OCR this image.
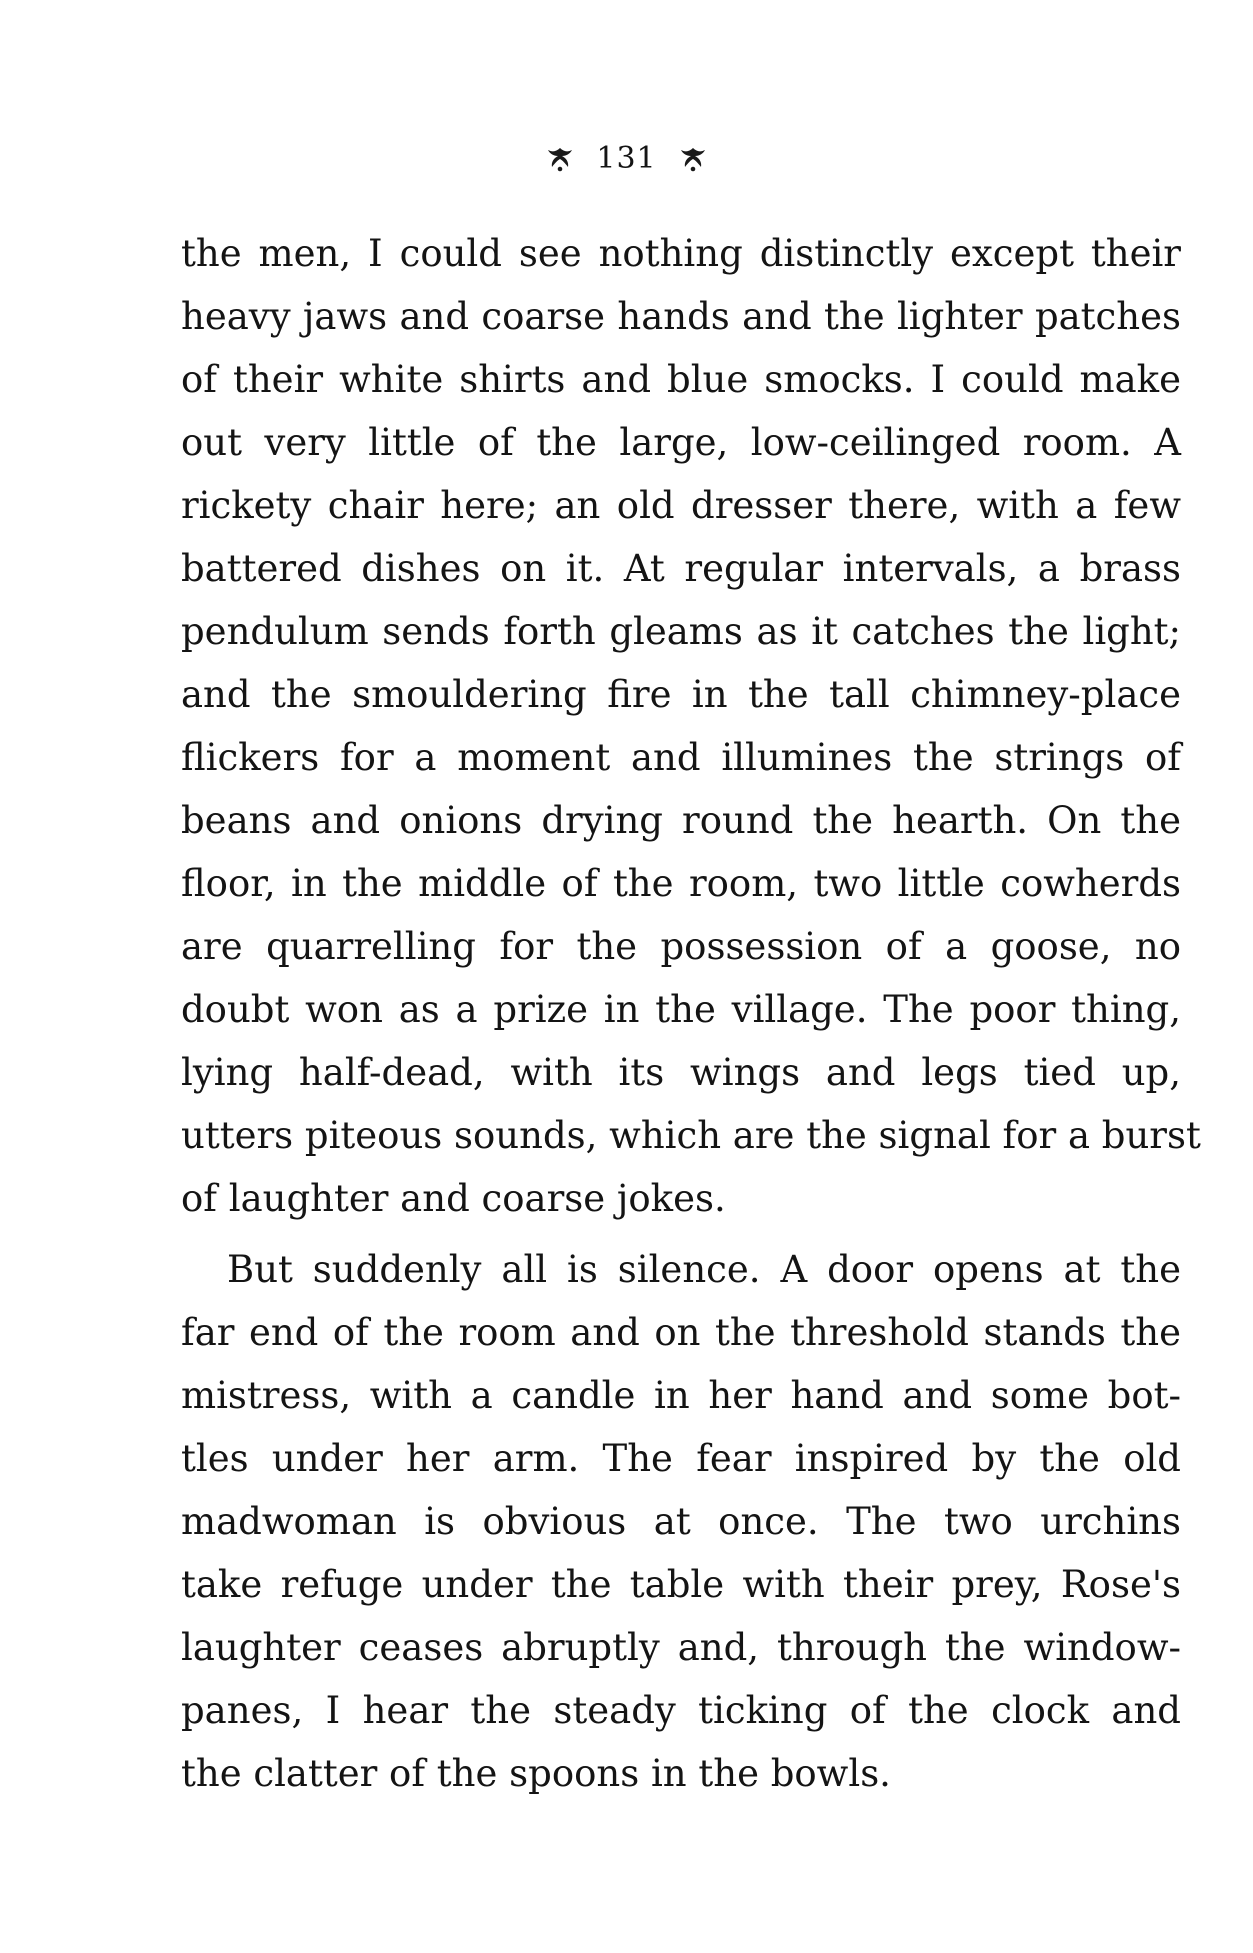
131
the men, I could see nothing distinctly except their
heavy jaws and coarse hands and the lighter patches
of their white shirts and blue smocks. I could make
out very little of the large, low-ceilinged room. A
rickety chair here; an old dresser there, with a few
battered dishes on it. At regular intervals, a brass
pendulum sends forth gleams as it catches the light;
and the smouldering fire in the tall chimney-place
flickers for a moment and illumines the strings of
beans and onions drying round the hearth. On the
floor, in the middle of the room, two little cowherds
are quarrelling for the possession of a goose, no
doubt won as a prize in the village. The poor thing,
lying half-dead, with its wings and legs tied up,
utters piteous sounds, which are the signal for a burst
of laughter and coarse jokes.
But suddenly all is silence. A door opens at the
far end of the room and on the threshold stands the
mistress, with a candle in her hand and some bot-
tles under her arm. The fear inspired by the old
madwoman is obvious at once. The two urchins
take refuge under the table with their prey, Rose's
laughter ceases abruptly and, through the window-
panes, I hear the steady ticking of the clock and
the clatter of the spoons in the bowls.
